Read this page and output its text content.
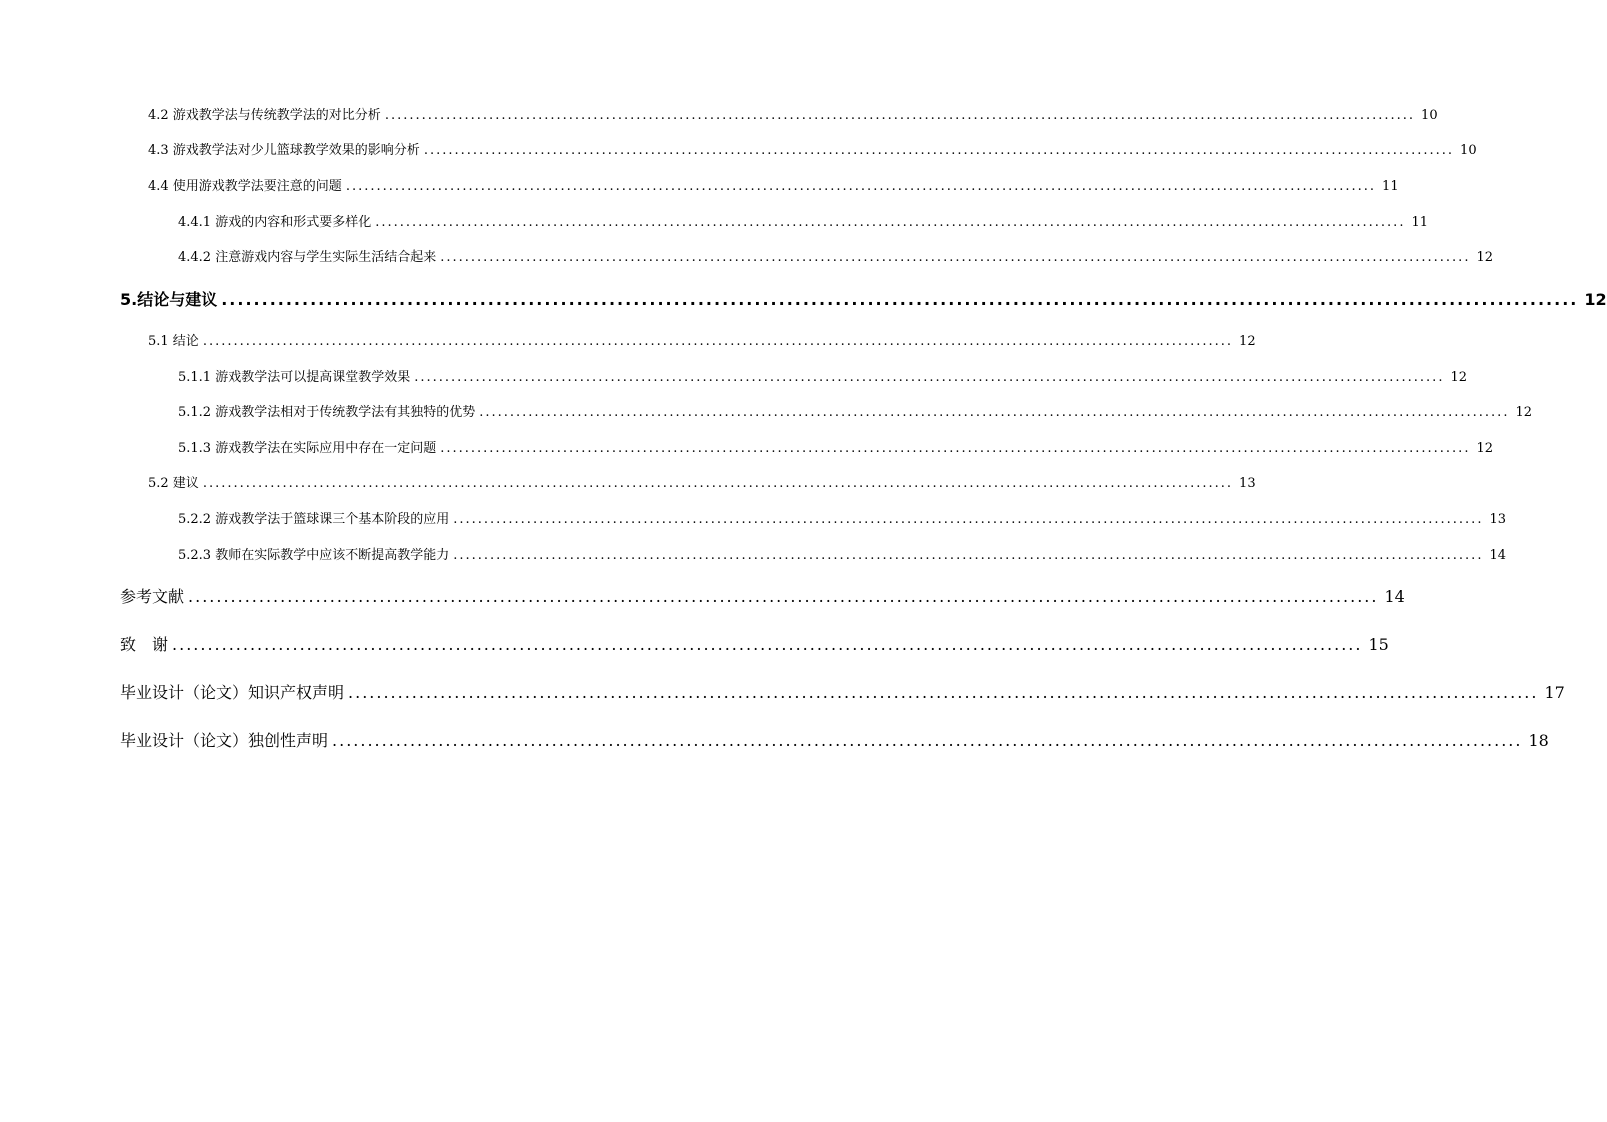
4.2 游戏教学法与传统教学法的对比分析 ........................................................................................................................................................................ 10
4.3 游戏教学法对少儿篮球教学效果的影响分析 ........................................................................................................................................................................ 10
4.4 使用游戏教学法要注意的问题 ........................................................................................................................................................................ 11
4.4.1 游戏的内容和形式要多样化 ........................................................................................................................................................................ 11
4.4.2 注意游戏内容与学生实际生活结合起来 ........................................................................................................................................................................ 12
5.结论与建议 ........................................................................................................................................................................ 12
5.1 结论 ........................................................................................................................................................................ 12
5.1.1 游戏教学法可以提高课堂教学效果 ........................................................................................................................................................................ 12
5.1.2 游戏教学法相对于传统教学法有其独特的优势 ........................................................................................................................................................................ 12
5.1.3 游戏教学法在实际应用中存在一定问题 ........................................................................................................................................................................ 12
5.2 建议 ........................................................................................................................................................................ 13
5.2.2 游戏教学法于篮球课三个基本阶段的应用 ........................................................................................................................................................................ 13
5.2.3 教师在实际教学中应该不断提高教学能力 ........................................................................................................................................................................ 14
参考文献 ........................................................................................................................................................................ 14
致　谢 ........................................................................................................................................................................ 15
毕业设计（论文）知识产权声明 ........................................................................................................................................................................ 17
毕业设计（论文）独创性声明 ........................................................................................................................................................................ 18
